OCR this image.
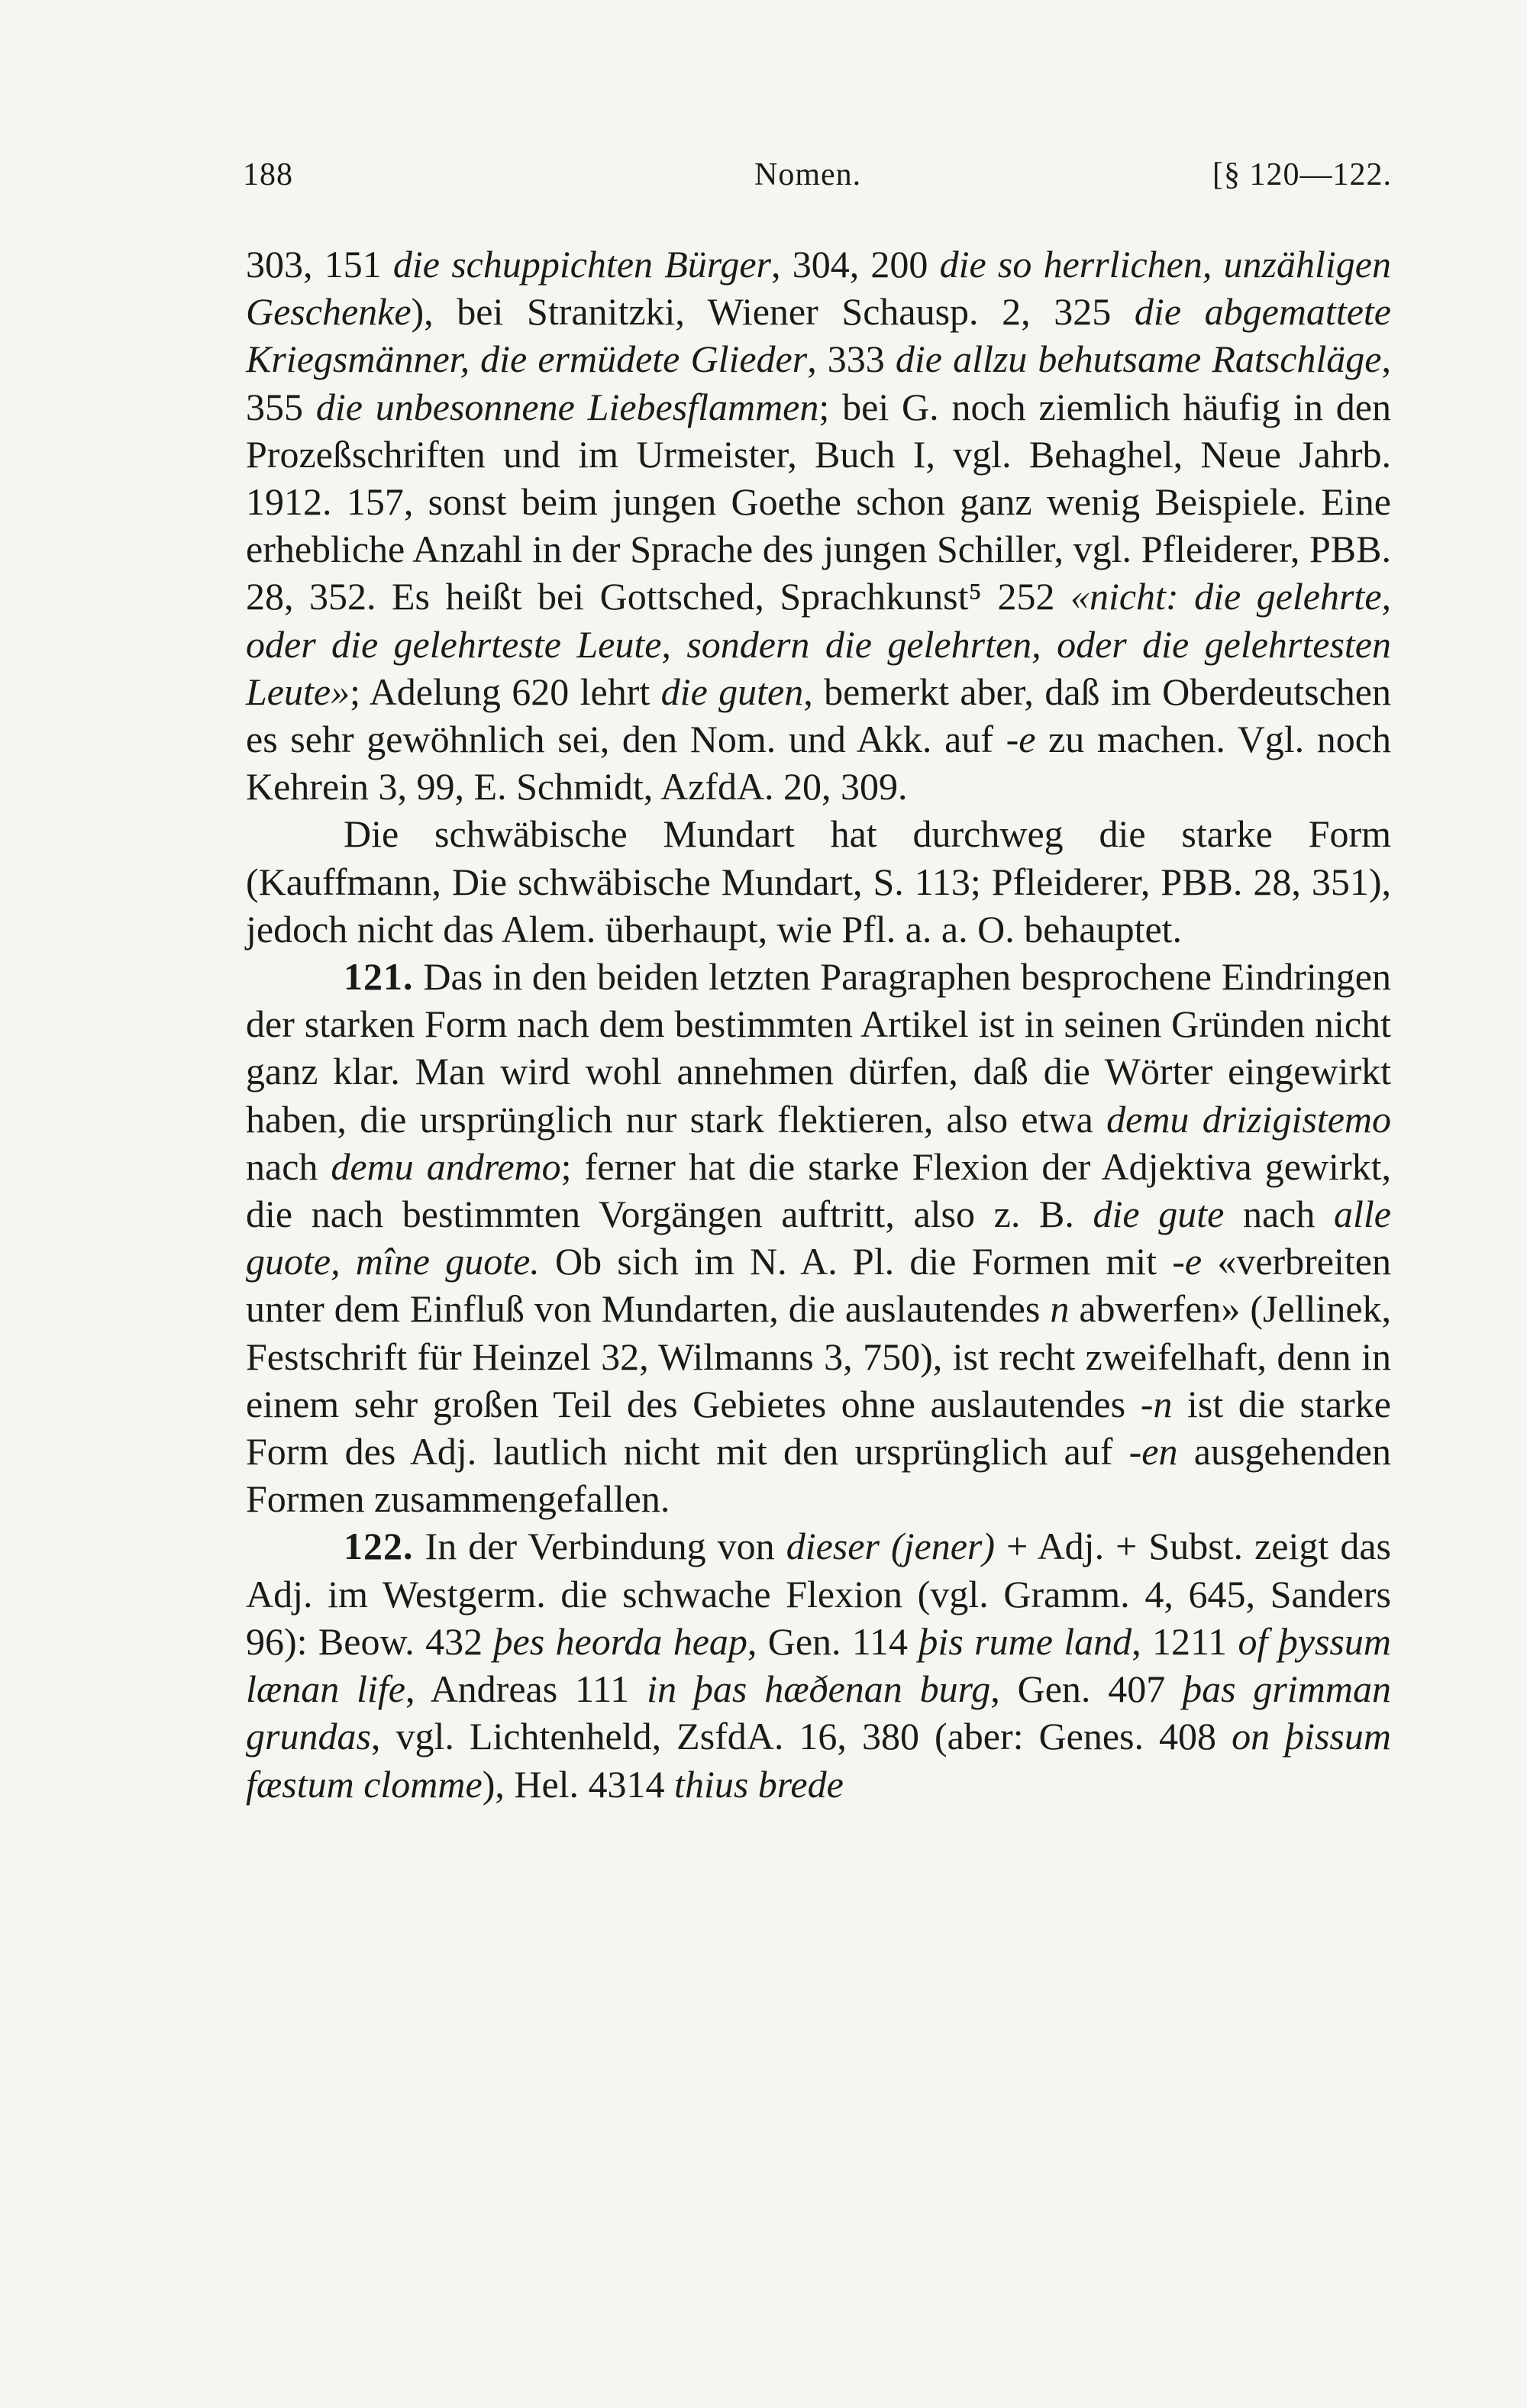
188	Nomen.	[§ 120—122.

303, 151 die schuppichten Bürger, 304, 200 die so herrlichen, unzähligen Geschenke), bei Stranitzki, Wiener Schausp. 2, 325 die abgemattete Kriegsmänner, die ermüdete Glieder, 333 die allzu behutsame Ratschläge, 355 die unbesonnene Liebesflammen; bei G. noch ziemlich häufig in den Prozeßschriften und im Urmeister, Buch I, vgl. Behaghel, Neue Jahrb. 1912. 157, sonst beim jungen Goethe schon ganz wenig Beispiele. Eine erhebliche Anzahl in der Sprache des jungen Schiller, vgl. Pfleiderer, PBB. 28, 352. Es heißt bei Gottsched, Sprachkunst⁵ 252 «nicht: die gelehrte, oder die gelehrteste Leute, sondern die gelehrten, oder die gelehrtesten Leute»; Adelung 620 lehrt die guten, bemerkt aber, daß im Oberdeutschen es sehr gewöhnlich sei, den Nom. und Akk. auf -e zu machen. Vgl. noch Kehrein 3, 99, E. Schmidt, AzfdA. 20, 309.

Die schwäbische Mundart hat durchweg die starke Form (Kauffmann, Die schwäbische Mundart, S. 113; Pfleiderer, PBB. 28, 351), jedoch nicht das Alem. überhaupt, wie Pfl. a. a. O. behauptet.

121. Das in den beiden letzten Paragraphen besprochene Eindringen der starken Form nach dem bestimmten Artikel ist in seinen Gründen nicht ganz klar. Man wird wohl annehmen dürfen, daß die Wörter eingewirkt haben, die ursprünglich nur stark flektieren, also etwa demu drizigistemo nach demu andremo; ferner hat die starke Flexion der Adjektiva gewirkt, die nach bestimmten Vorgängen auftritt, also z. B. die gute nach alle guote, mîne guote. Ob sich im N. A. Pl. die Formen mit -e «verbreiten unter dem Einfluß von Mundarten, die auslautendes n abwerfen» (Jellinek, Festschrift für Heinzel 32, Wilmanns 3, 750), ist recht zweifelhaft, denn in einem sehr großen Teil des Gebietes ohne auslautendes -n ist die starke Form des Adj. lautlich nicht mit den ursprünglich auf -en ausgehenden Formen zusammengefallen.

122. In der Verbindung von dieser (jener) + Adj. + Subst. zeigt das Adj. im Westgerm. die schwache Flexion (vgl. Gramm. 4, 645, Sanders 96): Beow. 432 þes heorda heap, Gen. 114 þis rume land, 1211 of þyssum lænan life, Andreas 111 in þas hæðenan burg, Gen. 407 þas grimman grundas, vgl. Lichtenheld, ZsfdA. 16, 380 (aber: Genes. 408 on þissum fæstum clomme), Hel. 4314 thius brede
